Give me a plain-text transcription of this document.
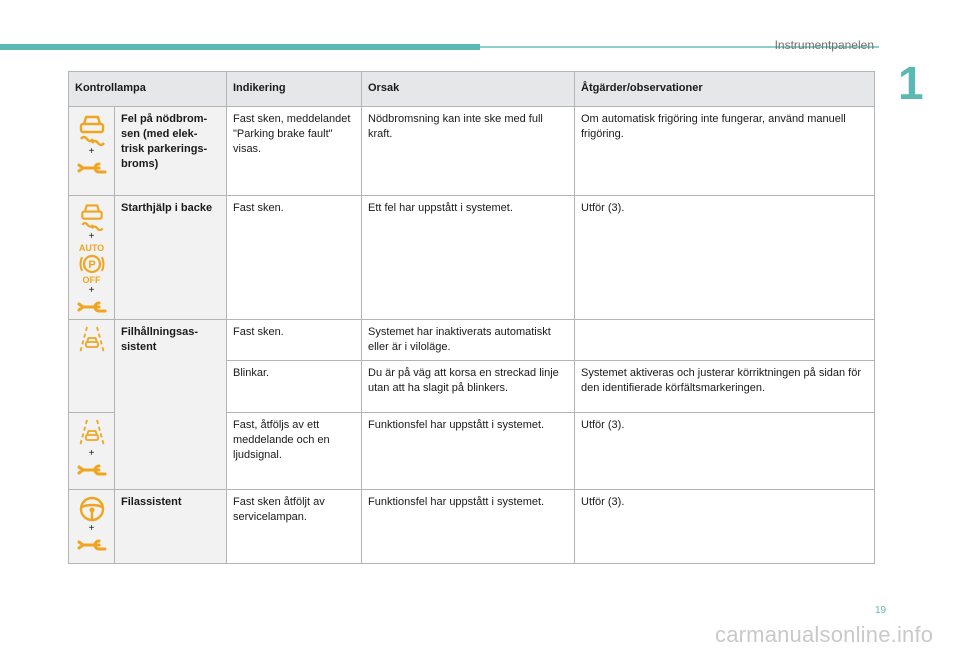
Instrumentpanelen
1
Kontrollampa		Indikering	Orsak	Åtgärder/observationer

+	Fel på nödbrom-sen (med elek-trisk parkerings-broms)	Fast sken, meddelandet "Parking brake fault" visas.	Nödbromsning kan inte ske med full kraft.	Om automatisk frigöring inte fungerar, använd manuell frigöring.

+
AUTO
P
OFF
+	Starthjälp i backe	Fast sken.	Ett fel har uppstått i systemet.	Utför (3).

	Filhållningsas-sistent	Fast sken.	Systemet har inaktiverats automatiskt eller är i viloläge.	
		Blinkar.	Du är på väg att korsa en streckad linje utan att ha slagit på blinkers.	Systemet aktiveras och justerar körriktningen på sidan för den identifierade körfältsmarkeringen.

+		Fast, åtföljs av ett meddelande och en ljudsignal.	Funktionsfel har uppstått i systemet.	Utför (3).

+	Filassistent	Fast sken åtföljt av servicelampan.	Funktionsfel har uppstått i systemet.	Utför (3).
19
carmanualsonline.info
